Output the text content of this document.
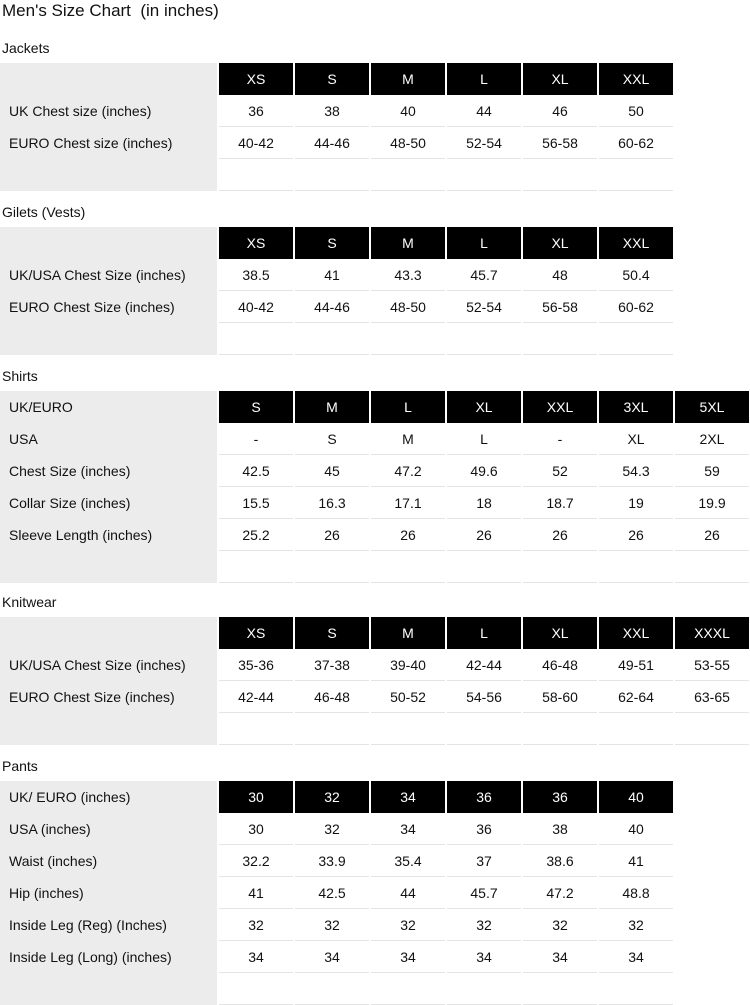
Men's Size Chart  (in inches)
Jackets
	XS	S	M	L	XL	XXL
UK Chest size (inches)	36	38	40	44	46	50
EURO Chest size (inches)	40-42	44-46	48-50	52-54	56-58	60-62

Gilets (Vests)
	XS	S	M	L	XL	XXL
UK/USA Chest Size (inches)	38.5	41	43.3	45.7	48	50.4
EURO Chest Size (inches)	40-42	44-46	48-50	52-54	56-58	60-62

Shirts
UK/EURO	S	M	L	XL	XXL	3XL	5XL
USA	-	S	M	L	-	XL	2XL
Chest Size (inches)	42.5	45	47.2	49.6	52	54.3	59
Collar Size (inches)	15.5	16.3	17.1	18	18.7	19	19.9
Sleeve Length (inches)	25.2	26	26	26	26	26	26

Knitwear
	XS	S	M	L	XL	XXL	XXXL
UK/USA Chest Size (inches)	35-36	37-38	39-40	42-44	46-48	49-51	53-55
EURO Chest Size (inches)	42-44	46-48	50-52	54-56	58-60	62-64	63-65

Pants
UK/ EURO (inches)	30	32	34	36	36	40
USA (inches)	30	32	34	36	38	40
Waist (inches)	32.2	33.9	35.4	37	38.6	41
Hip (inches)	41	42.5	44	45.7	47.2	48.8
Inside Leg (Reg) (Inches)	32	32	32	32	32	32
Inside Leg (Long) (inches)	34	34	34	34	34	34
